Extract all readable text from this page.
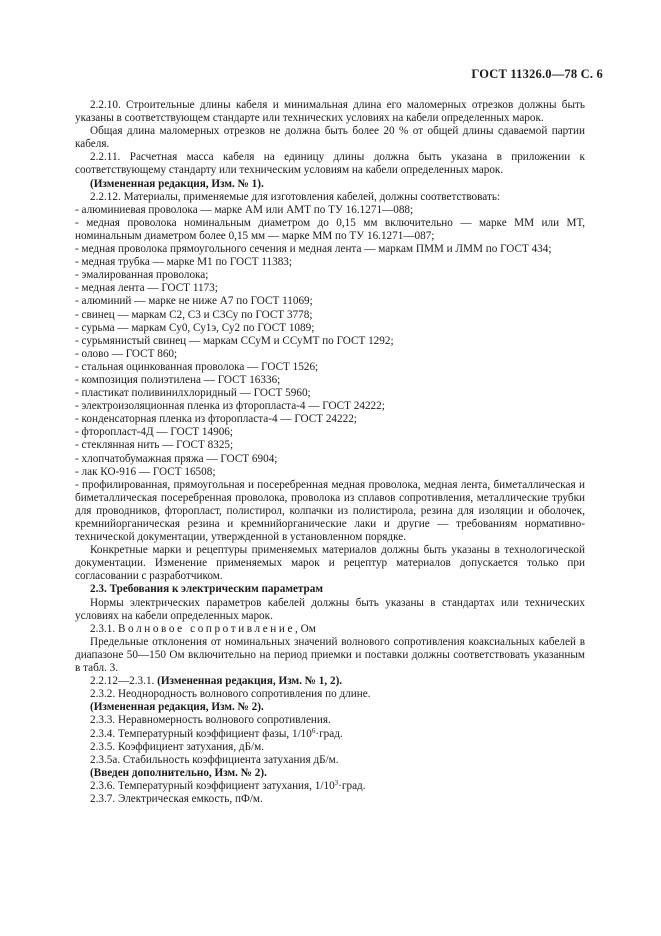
ГОСТ 11326.0—78 С. 6

2.2.10. Строительные длины кабеля и минимальная длина его маломерных отрезков должны быть указаны в соответствующем стандарте или технических условиях на кабели определенных марок.

Общая длина маломерных отрезков не должна быть более 20 % от общей длины сдаваемой партии кабеля.

2.2.11. Расчетная масса кабеля на единицу длины должна быть указана в приложении к соответствующему стандарту или техническим условиям на кабели определенных марок.

(Измененная редакция, Изм. № 1).

2.2.12. Материалы, применяемые для изготовления кабелей, должны соответствовать:

- алюминиевая проволока — марке АМ или АМТ по ТУ 16.1271—088;

- медная проволока номинальным диаметром до 0,15 мм включительно — марке ММ или МТ, номинальным диаметром более 0,15 мм — марке ММ по ТУ 16.1271—087;

- медная проволока прямоугольного сечения и медная лента — маркам ПММ и ЛММ по ГОСТ 434;

- медная трубка — марке М1 по ГОСТ 11383;

- эмалированная проволока;

- медная лента — ГОСТ 1173;

- алюминий — марке не ниже А7 по ГОСТ 11069;

- свинец — маркам С2, С3 и С3Су по ГОСТ 3778;

- сурьма — маркам Су0, Су1э, Су2 по ГОСТ 1089;

- сурьмянистый свинец — маркам ССуМ и ССуМТ по ГОСТ 1292;

- олово — ГОСТ 860;

- стальная оцинкованная проволока — ГОСТ 1526;

- композиция полиэтилена — ГОСТ 16336;

- пластикат поливинилхлоридный — ГОСТ 5960;

- электроизоляционная пленка из фторопласта-4 — ГОСТ 24222;

- конденсаторная пленка из фторопласта-4 — ГОСТ 24222;

- фторопласт-4Д — ГОСТ 14906;

- стеклянная нить — ГОСТ 8325;

- хлопчатобумажная пряжа — ГОСТ 6904;

- лак КО-916 — ГОСТ 16508;

- профилированная, прямоугольная и посеребренная медная проволока, медная лента, биметаллическая и биметаллическая посеребренная проволока, проволока из сплавов сопротивления, металлические трубки для проводников, фторопласт, полистирол, колпачки из полистирола, резина для изоляции и оболочек, кремнийорганическая резина и кремнийорганические лаки и другие — требованиям нормативно-технической документации, утвержденной в установленном порядке.

Конкретные марки и рецептуры применяемых материалов должны быть указаны в технологической документации. Изменение применяемых марок и рецептур материалов допускается только при согласовании с разработчиком.

2.3. Требования к электрическим параметрам

Нормы электрических параметров кабелей должны быть указаны в стандартах или технических условиях на кабели определенных марок.

2.3.1. Волновое сопротивление, Ом

Предельные отклонения от номинальных значений волнового сопротивления коаксиальных кабелей в диапазоне 50—150 Ом включительно на период приемки и поставки должны соответствовать указанным в табл. 3.

2.2.12—2.3.1. (Измененная редакция, Изм. № 1, 2).

2.3.2. Неоднородность волнового сопротивления по длине.

(Измененная редакция, Изм. № 2).

2.3.3. Неравномерность волнового сопротивления.

2.3.4. Температурный коэффициент фазы, $1/10^6\cdot град$.

2.3.5. Коэффициент затухания, дБ/м.

2.3.5а. Стабильность коэффициента затухания дБ/м.

(Введен дополнительно, Изм. № 2).

2.3.6. Температурный коэффициент затухания, $1/10^3\cdot град$.

2.3.7. Электрическая емкость, пФ/м.
